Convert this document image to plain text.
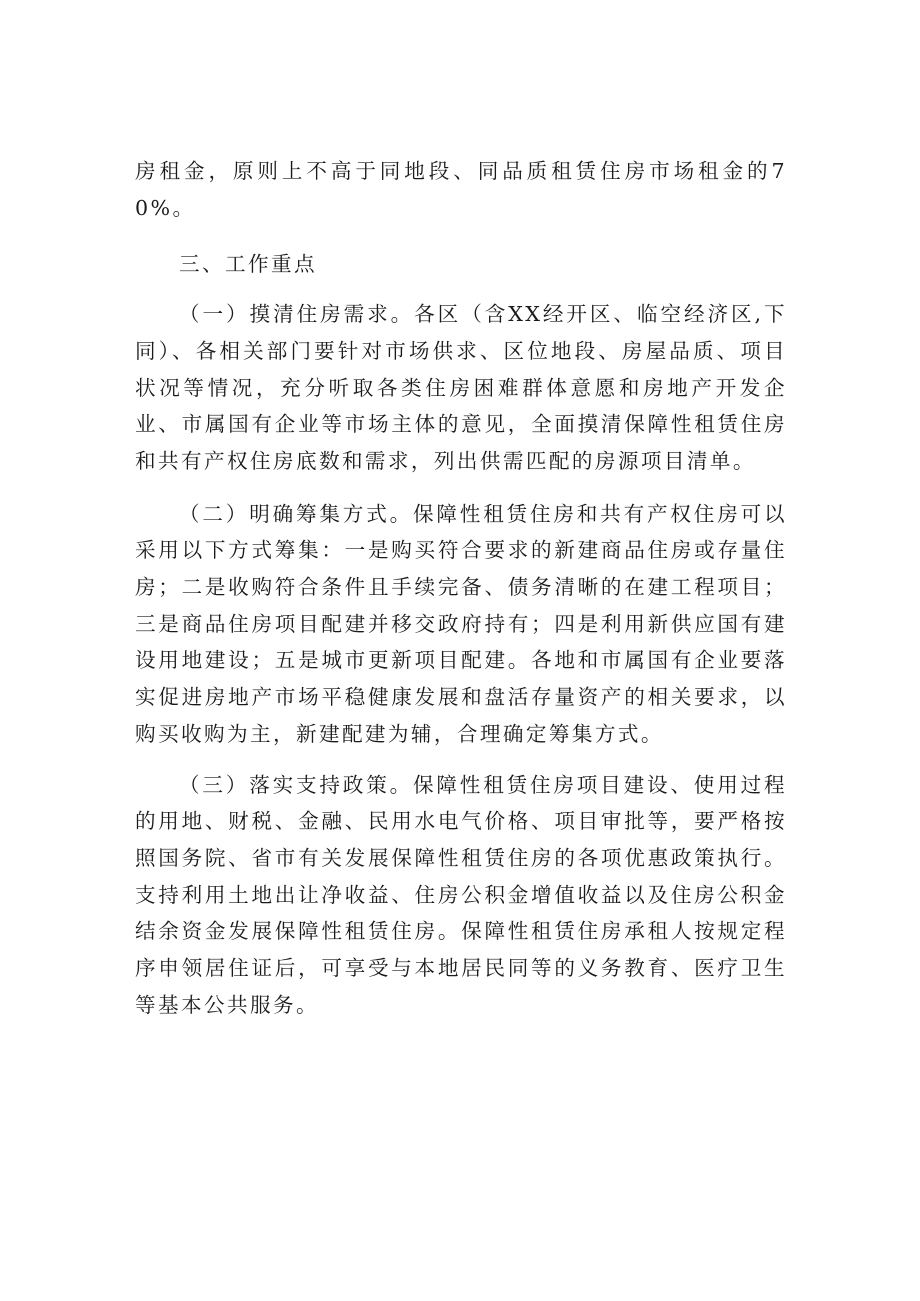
房租金，原则上不高于同地段、同品质租赁住房市场租金的70%。

三、工作重点

（一）摸清住房需求。各区（含XX经开区、临空经济区,下同）、各相关部门要针对市场供求、区位地段、房屋品质、项目状况等情况，充分听取各类住房困难群体意愿和房地产开发企业、市属国有企业等市场主体的意见，全面摸清保障性租赁住房和共有产权住房底数和需求，列出供需匹配的房源项目清单。

（二）明确筹集方式。保障性租赁住房和共有产权住房可以采用以下方式筹集：一是购买符合要求的新建商品住房或存量住房；二是收购符合条件且手续完备、债务清晰的在建工程项目；三是商品住房项目配建并移交政府持有；四是利用新供应国有建设用地建设；五是城市更新项目配建。各地和市属国有企业要落实促进房地产市场平稳健康发展和盘活存量资产的相关要求，以购买收购为主，新建配建为辅，合理确定筹集方式。

（三）落实支持政策。保障性租赁住房项目建设、使用过程的用地、财税、金融、民用水电气价格、项目审批等，要严格按照国务院、省市有关发展保障性租赁住房的各项优惠政策执行。支持利用土地出让净收益、住房公积金增值收益以及住房公积金结余资金发展保障性租赁住房。保障性租赁住房承租人按规定程序申领居住证后，可享受与本地居民同等的义务教育、医疗卫生等基本公共服务。
